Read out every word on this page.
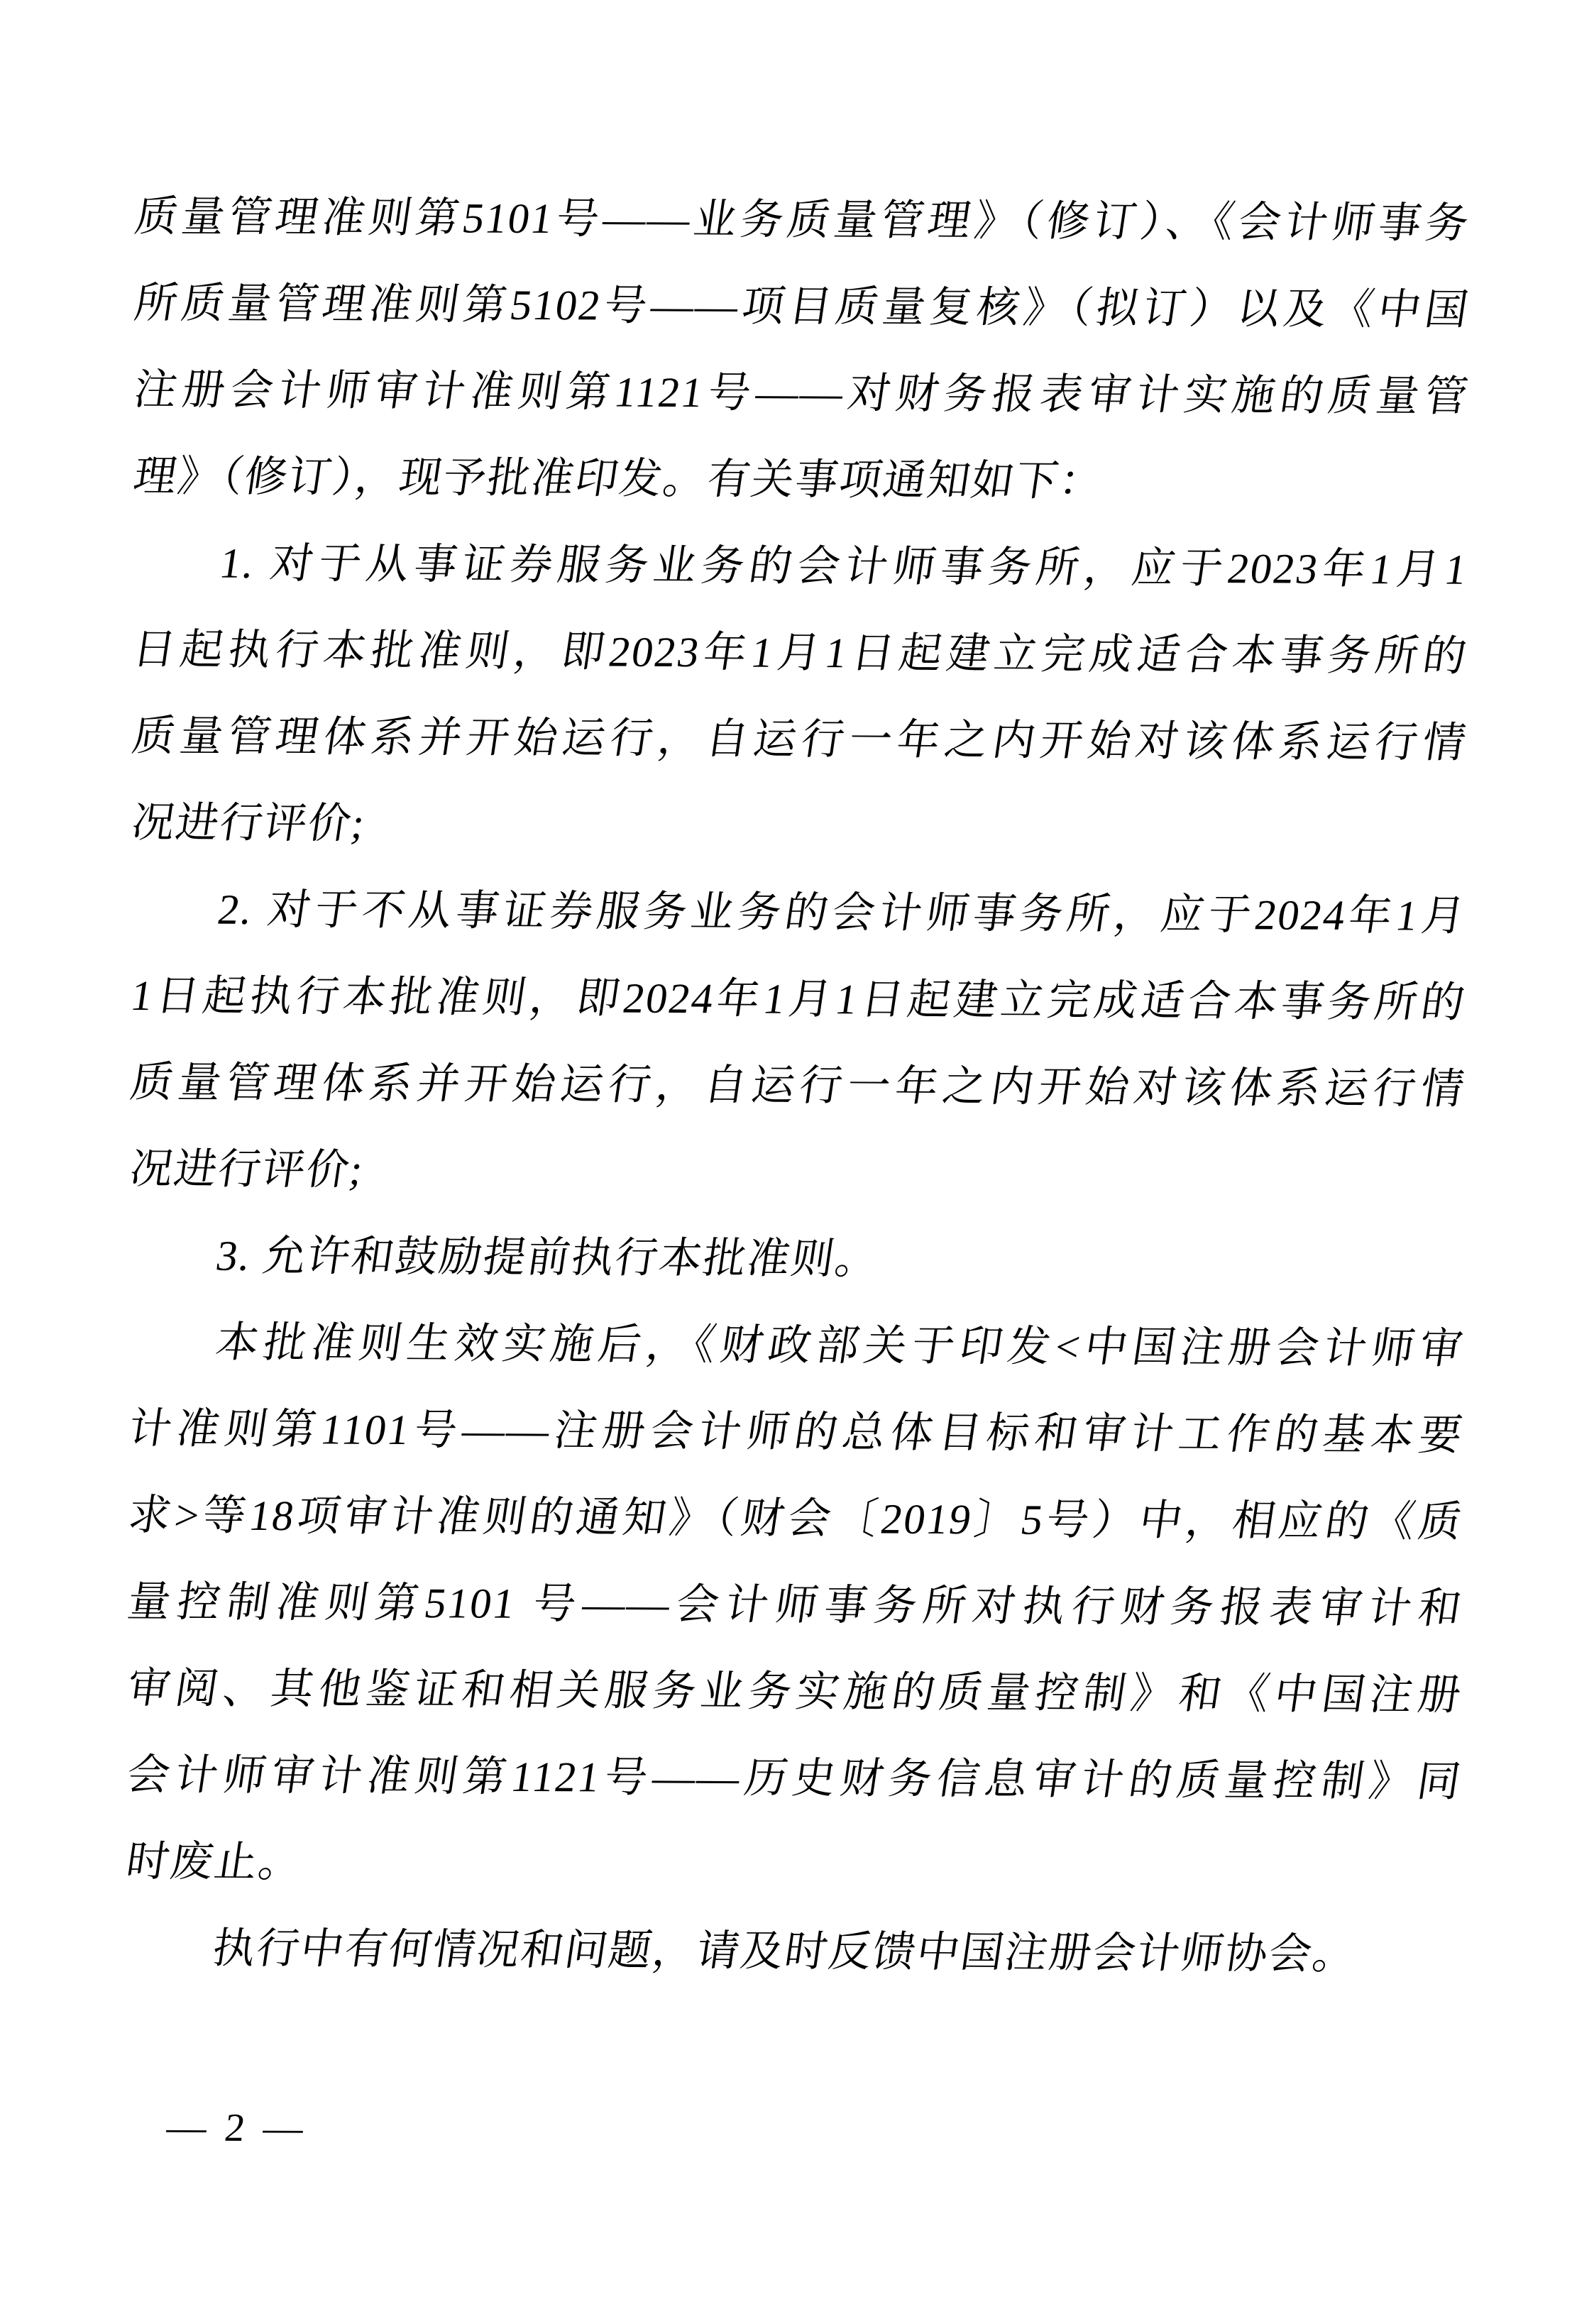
质量管理准则第5101号——业务质量管理》（修订）、《会计师事务
所质量管理准则第5102号——项目质量复核》（拟订）以及《中国
注册会计师审计准则第1121号——对财务报表审计实施的质量管
理》（修订），现予批准印发。有关事项通知如下：
1. 对于从事证券服务业务的会计师事务所，应于2023年1月1
日起执行本批准则，即2023年1月1日起建立完成适合本事务所的
质量管理体系并开始运行，自运行一年之内开始对该体系运行情
况进行评价;
2. 对于不从事证券服务业务的会计师事务所，应于2024年1月
1日起执行本批准则，即2024年1月1日起建立完成适合本事务所的
质量管理体系并开始运行，自运行一年之内开始对该体系运行情
况进行评价;
3. 允许和鼓励提前执行本批准则。
本批准则生效实施后，《财政部关于印发<中国注册会计师审
计准则第1101号——注册会计师的总体目标和审计工作的基本要
求>等18项审计准则的通知》（财会〔2019〕5号）中，相应的《质
量控制准则第5101 号——会计师事务所对执行财务报表审计和
审阅、其他鉴证和相关服务业务实施的质量控制》和《中国注册
会计师审计准则第1121号——历史财务信息审计的质量控制》同
时废止。
执行中有何情况和问题，请及时反馈中国注册会计师协会。
— 2 —
